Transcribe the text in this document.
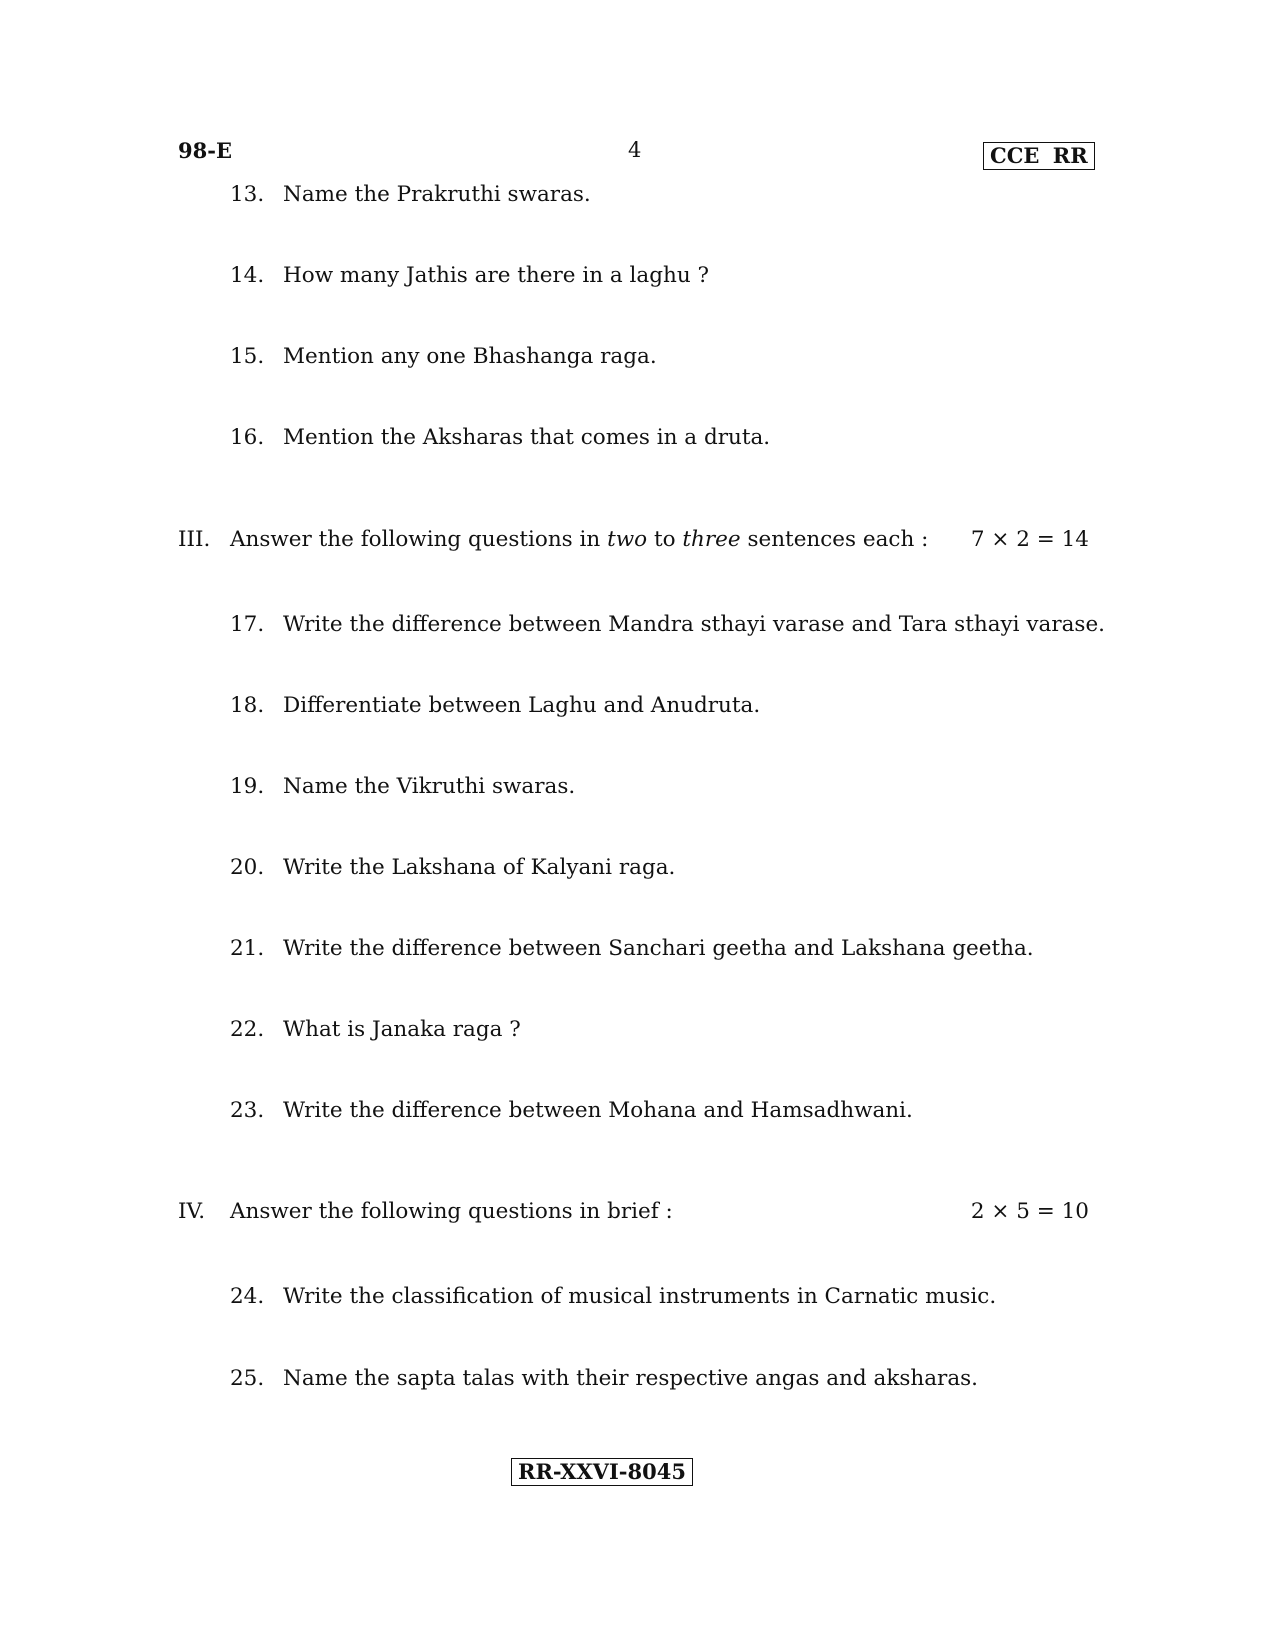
98-E	4	CCE RR
13. Name the Prakruthi swaras.
14. How many Jathis are there in a laghu ?
15. Mention any one Bhashanga raga.
16. Mention the Aksharas that comes in a druta.
III. Answer the following questions in two to three sentences each : 7 × 2 = 14
17. Write the difference between Mandra sthayi varase and Tara sthayi varase.
18. Differentiate between Laghu and Anudruta.
19. Name the Vikruthi swaras.
20. Write the Lakshana of Kalyani raga.
21. Write the difference between Sanchari geetha and Lakshana geetha.
22. What is Janaka raga ?
23. Write the difference between Mohana and Hamsadhwani.
IV. Answer the following questions in brief :	2 × 5 = 10
24. Write the classification of musical instruments in Carnatic music.
25. Name the sapta talas with their respective angas and aksharas.
RR-XXVI-8045
